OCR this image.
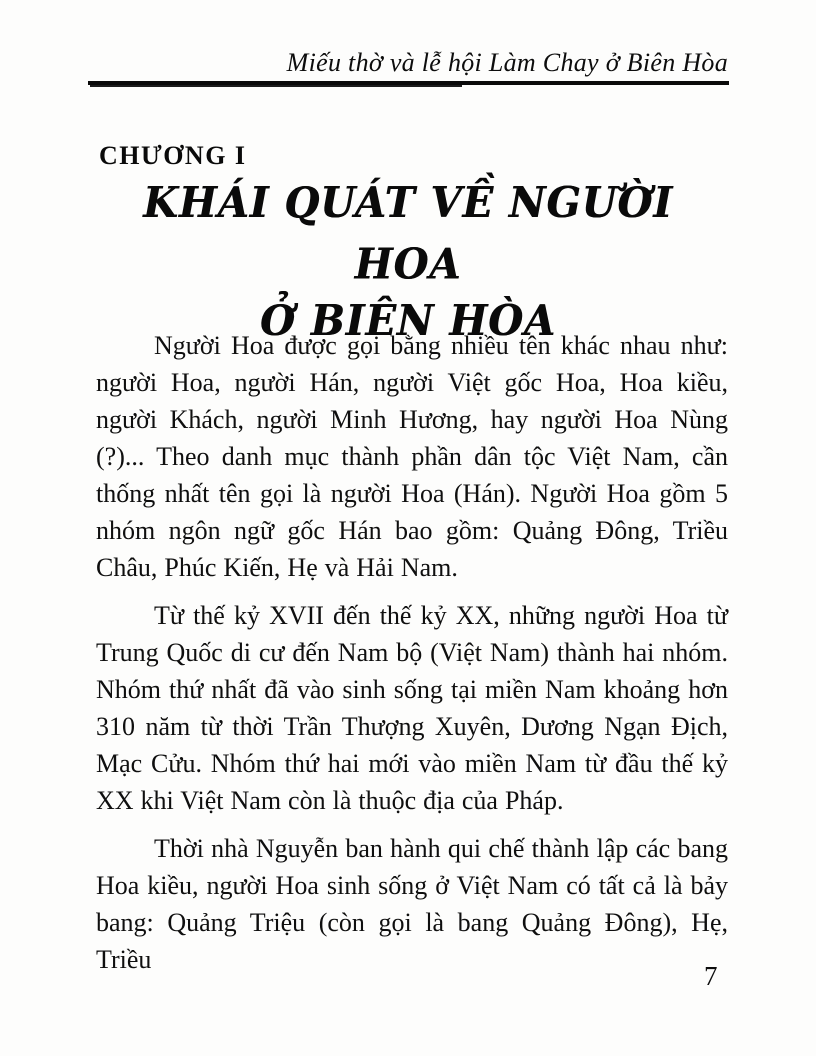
Miếu thờ và lễ hội Làm Chay ở Biên Hòa
CHƯƠNG I
KHÁI QUÁT VỀ NGƯỜI HOA
Ở BIÊN HÒA

Người Hoa được gọi bằng nhiều tên khác nhau như: người Hoa, người Hán, người Việt gốc Hoa, Hoa kiều, người Khách, người Minh Hương, hay người Hoa Nùng (?)... Theo danh mục thành phần dân tộc Việt Nam, cần thống nhất tên gọi là người Hoa (Hán). Người Hoa gồm 5 nhóm ngôn ngữ gốc Hán bao gồm: Quảng Đông, Triều Châu, Phúc Kiến, Hẹ và Hải Nam.

Từ thế kỷ XVII đến thế kỷ XX, những người Hoa từ Trung Quốc di cư đến Nam bộ (Việt Nam) thành hai nhóm. Nhóm thứ nhất đã vào sinh sống tại miền Nam khoảng hơn 310 năm từ thời Trần Thượng Xuyên, Dương Ngạn Địch, Mạc Cửu. Nhóm thứ hai mới vào miền Nam từ đầu thế kỷ XX khi Việt Nam còn là thuộc địa của Pháp.

Thời nhà Nguyễn ban hành qui chế thành lập các bang Hoa kiều, người Hoa sinh sống ở Việt Nam có tất cả là bảy bang: Quảng Triệu (còn gọi là bang Quảng Đông), Hẹ, Triều

7
